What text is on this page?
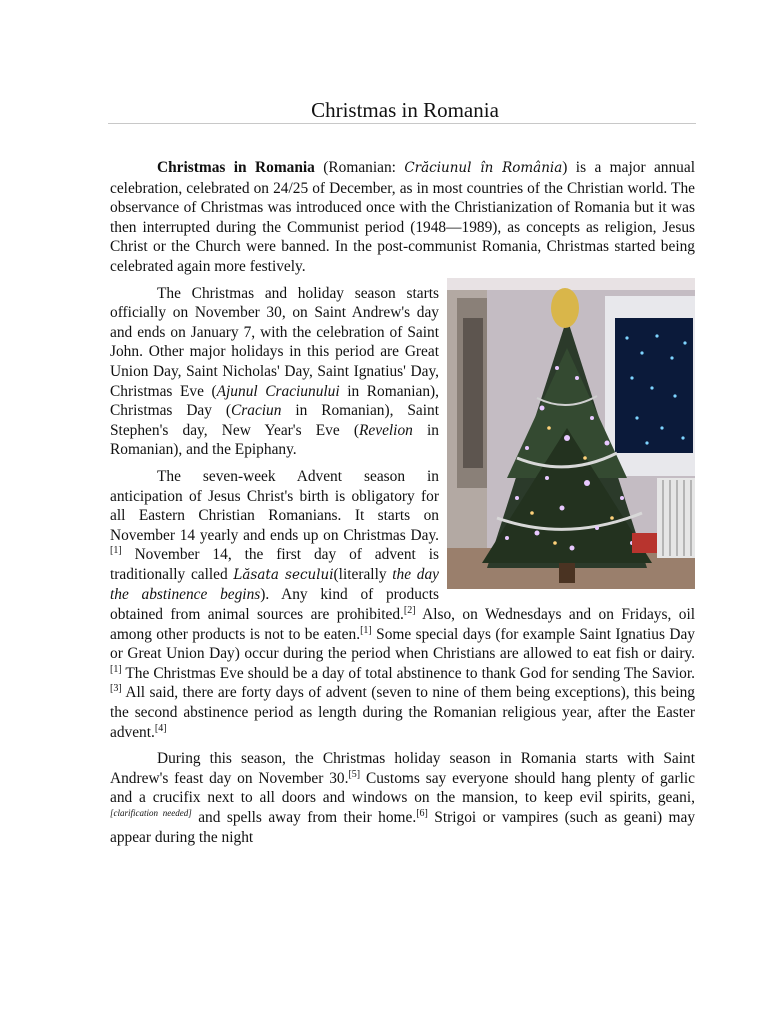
Christmas in Romania

Christmas in Romania (Romanian: Crăciunul în România) is a major annual celebration, celebrated on 24/25 of December, as in most countries of the Christian world. The observance of Christmas was introduced once with the Christianization of Romania but it was then interrupted during the Communist period (1948—1989), as concepts as religion, Jesus Christ or the Church were banned. In the post-communist Romania, Christmas started being celebrated again more festively.

The Christmas and holiday season starts officially on November 30, on Saint Andrew's day and ends on January 7, with the celebration of Saint John. Other major holidays in this period are Great Union Day, Saint Nicholas' Day, Saint Ignatius' Day, Christmas Eve (Ajunul Craciunului in Romanian), Christmas Day (Craciun in Romanian), Saint Stephen's day, New Year's Eve (Revelion in Romanian), and the Epiphany.

The seven-week Advent season in anticipation of Jesus Christ's birth is obligatory for all Eastern Christian Romanians. It starts on November 14 yearly and ends up on Christmas Day.[1] November 14, the first day of advent is traditionally called Lăsata secului(literally the day the abstinence begins). Any kind of products obtained from animal sources are prohibited.[2] Also, on Wednesdays and on Fridays, oil among other products is not to be eaten.[1] Some special days (for example Saint Ignatius Day or Great Union Day) occur during the period when Christians are allowed to eat fish or dairy.[1] The Christmas Eve should be a day of total abstinence to thank God for sending The Savior.[3] All said, there are forty days of advent (seven to nine of them being exceptions), this being the second abstinence period as length during the Romanian religious year, after the Easter advent.[4]

During this season, the Christmas holiday season in Romania starts with Saint Andrew's feast day on November 30.[5] Customs say everyone should hang plenty of garlic and a crucifix next to all doors and windows on the mansion, to keep evil spirits, geani,[clarification needed] and spells away from their home.[6] Strigoi or vampires (such as geani) may appear during the night
